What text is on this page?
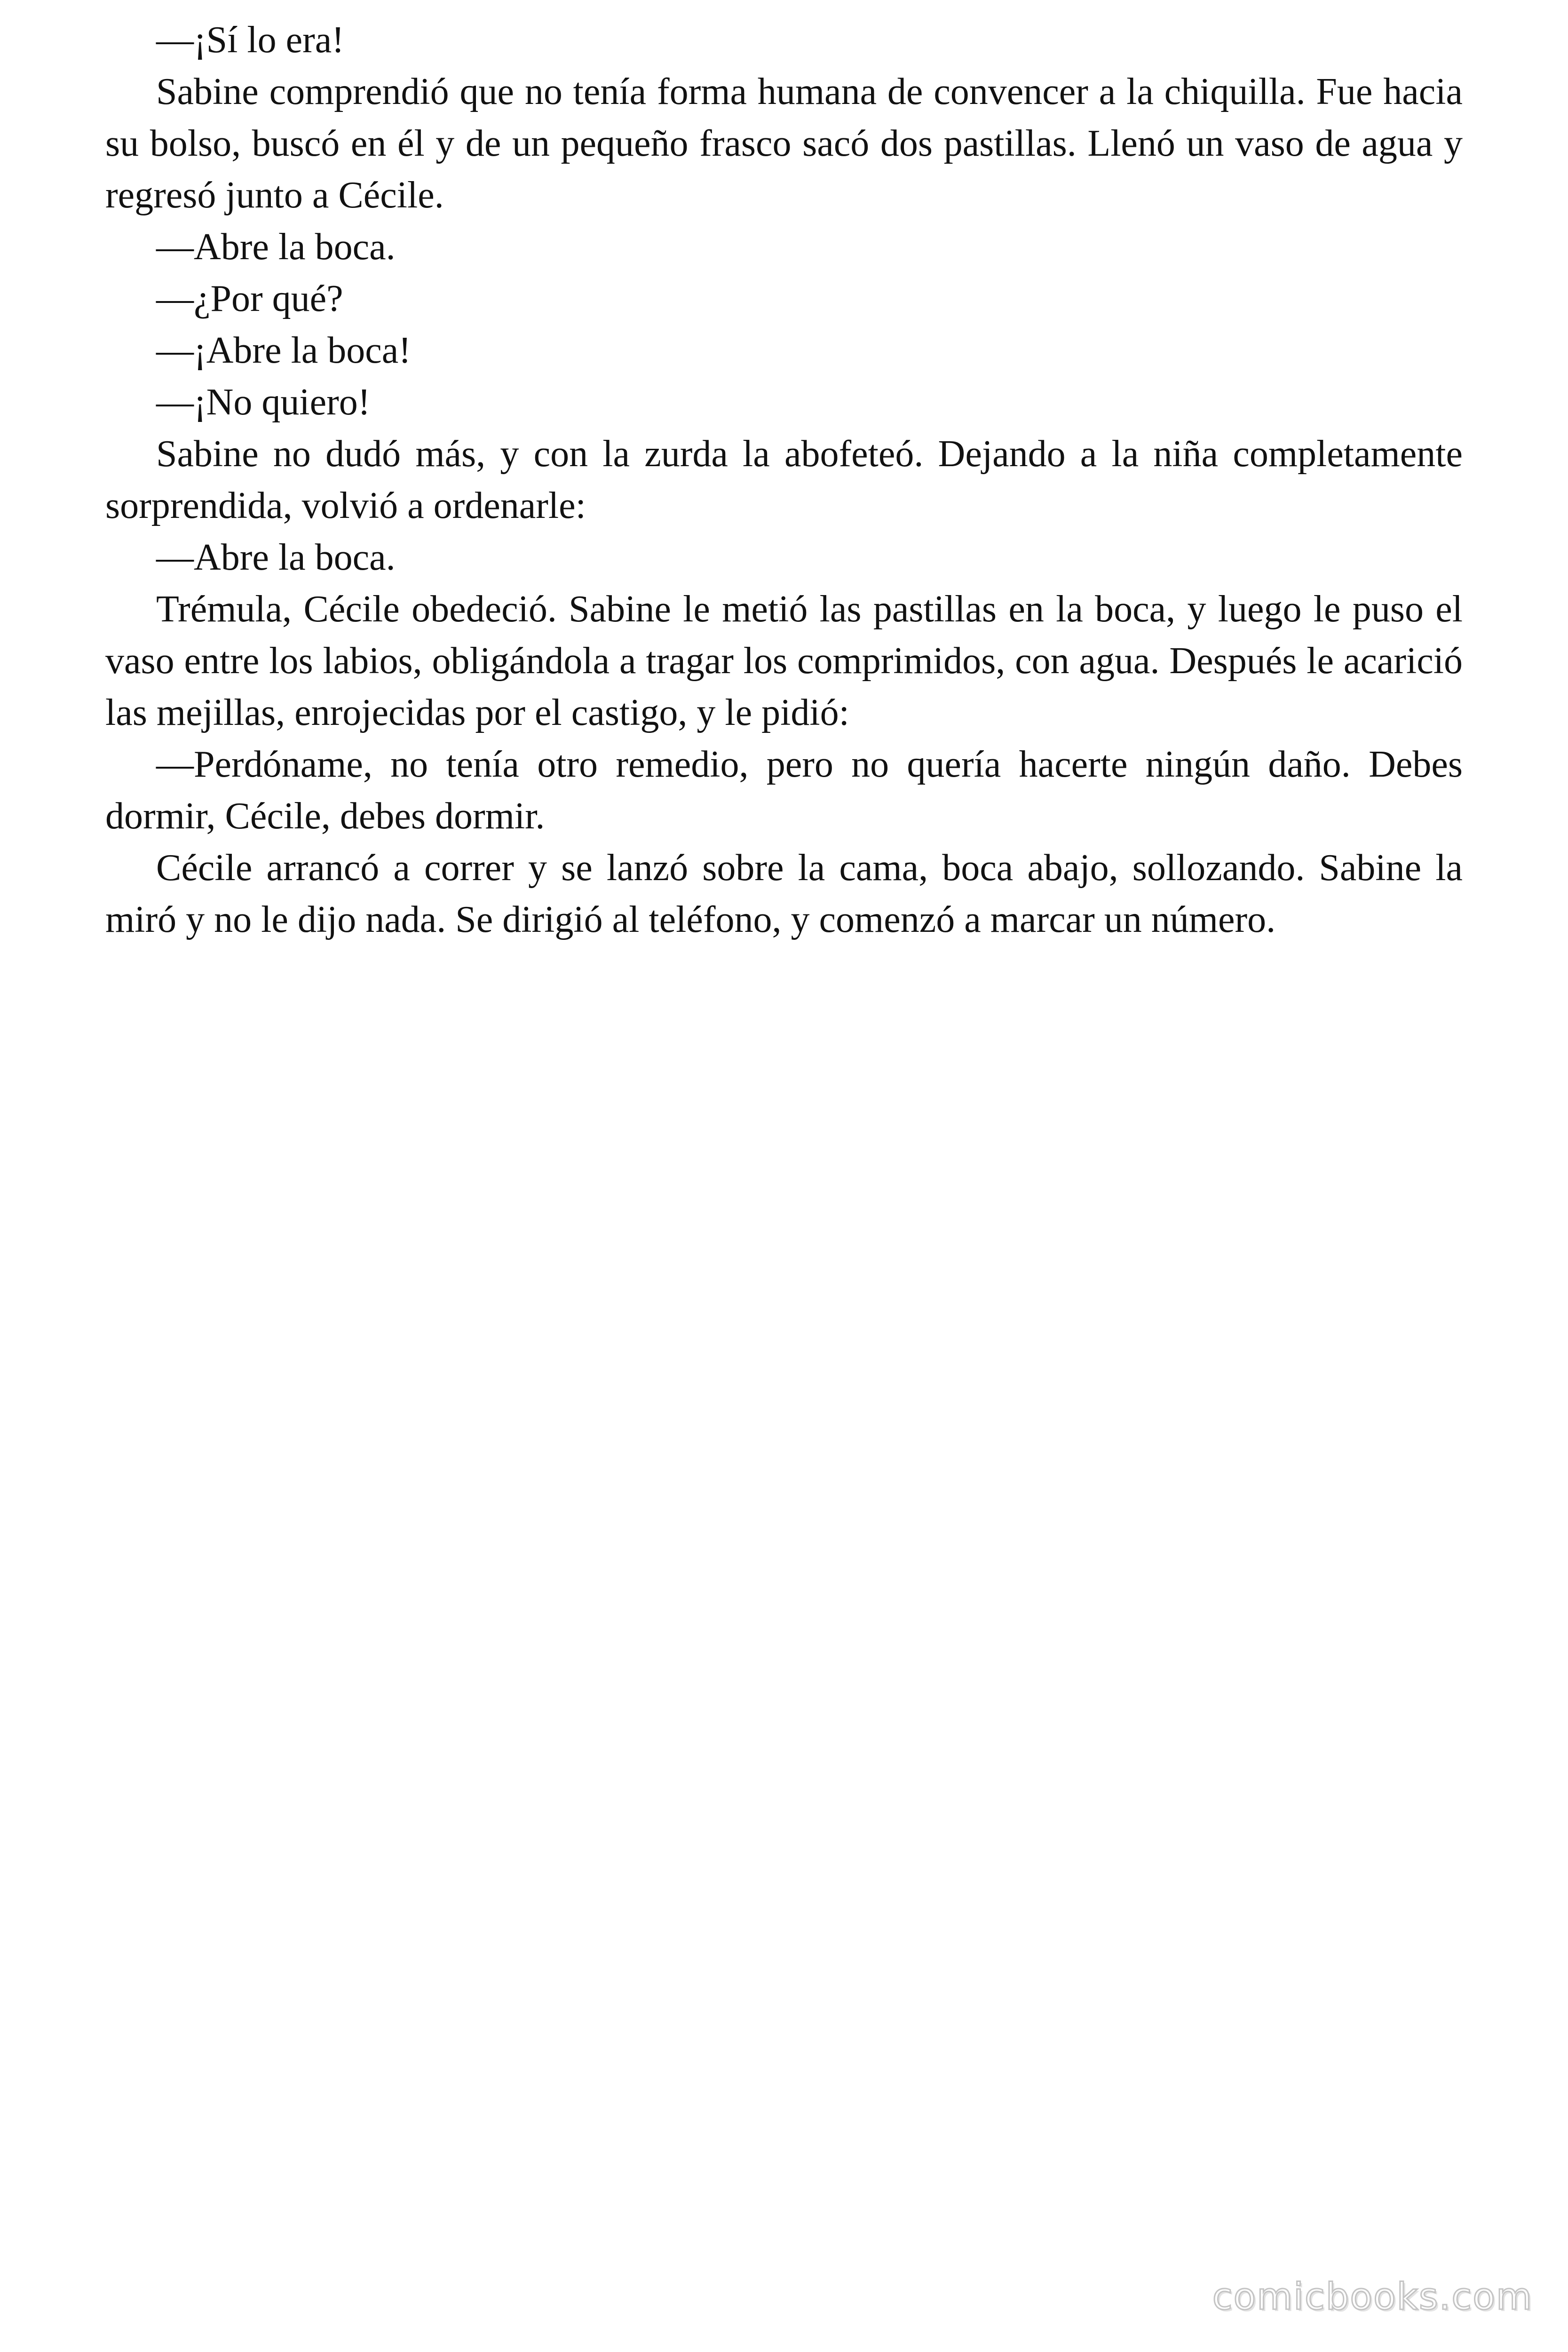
—¡Sí lo era!

Sabine comprendió que no tenía forma humana de convencer a la chiquilla. Fue hacia su bolso, buscó en él y de un pequeño frasco sacó dos pastillas. Llenó un vaso de agua y regresó junto a Cécile.

—Abre la boca.

—¿Por qué?

—¡Abre la boca!

—¡No quiero!

Sabine no dudó más, y con la zurda la abofeteó. Dejando a la niña completamente sorprendida, volvió a ordenarle:

—Abre la boca.

Trémula, Cécile obedeció. Sabine le metió las pastillas en la boca, y luego le puso el vaso entre los labios, obligándola a tragar los comprimidos, con agua. Después le acarició las mejillas, enrojecidas por el castigo, y le pidió:

—Perdóname, no tenía otro remedio, pero no quería hacerte ningún daño. Debes dormir, Cécile, debes dormir.

Cécile arrancó a correr y se lanzó sobre la cama, boca abajo, sollozando. Sabine la miró y no le dijo nada. Se dirigió al teléfono, y comenzó a marcar un número.

comicbooks.com
